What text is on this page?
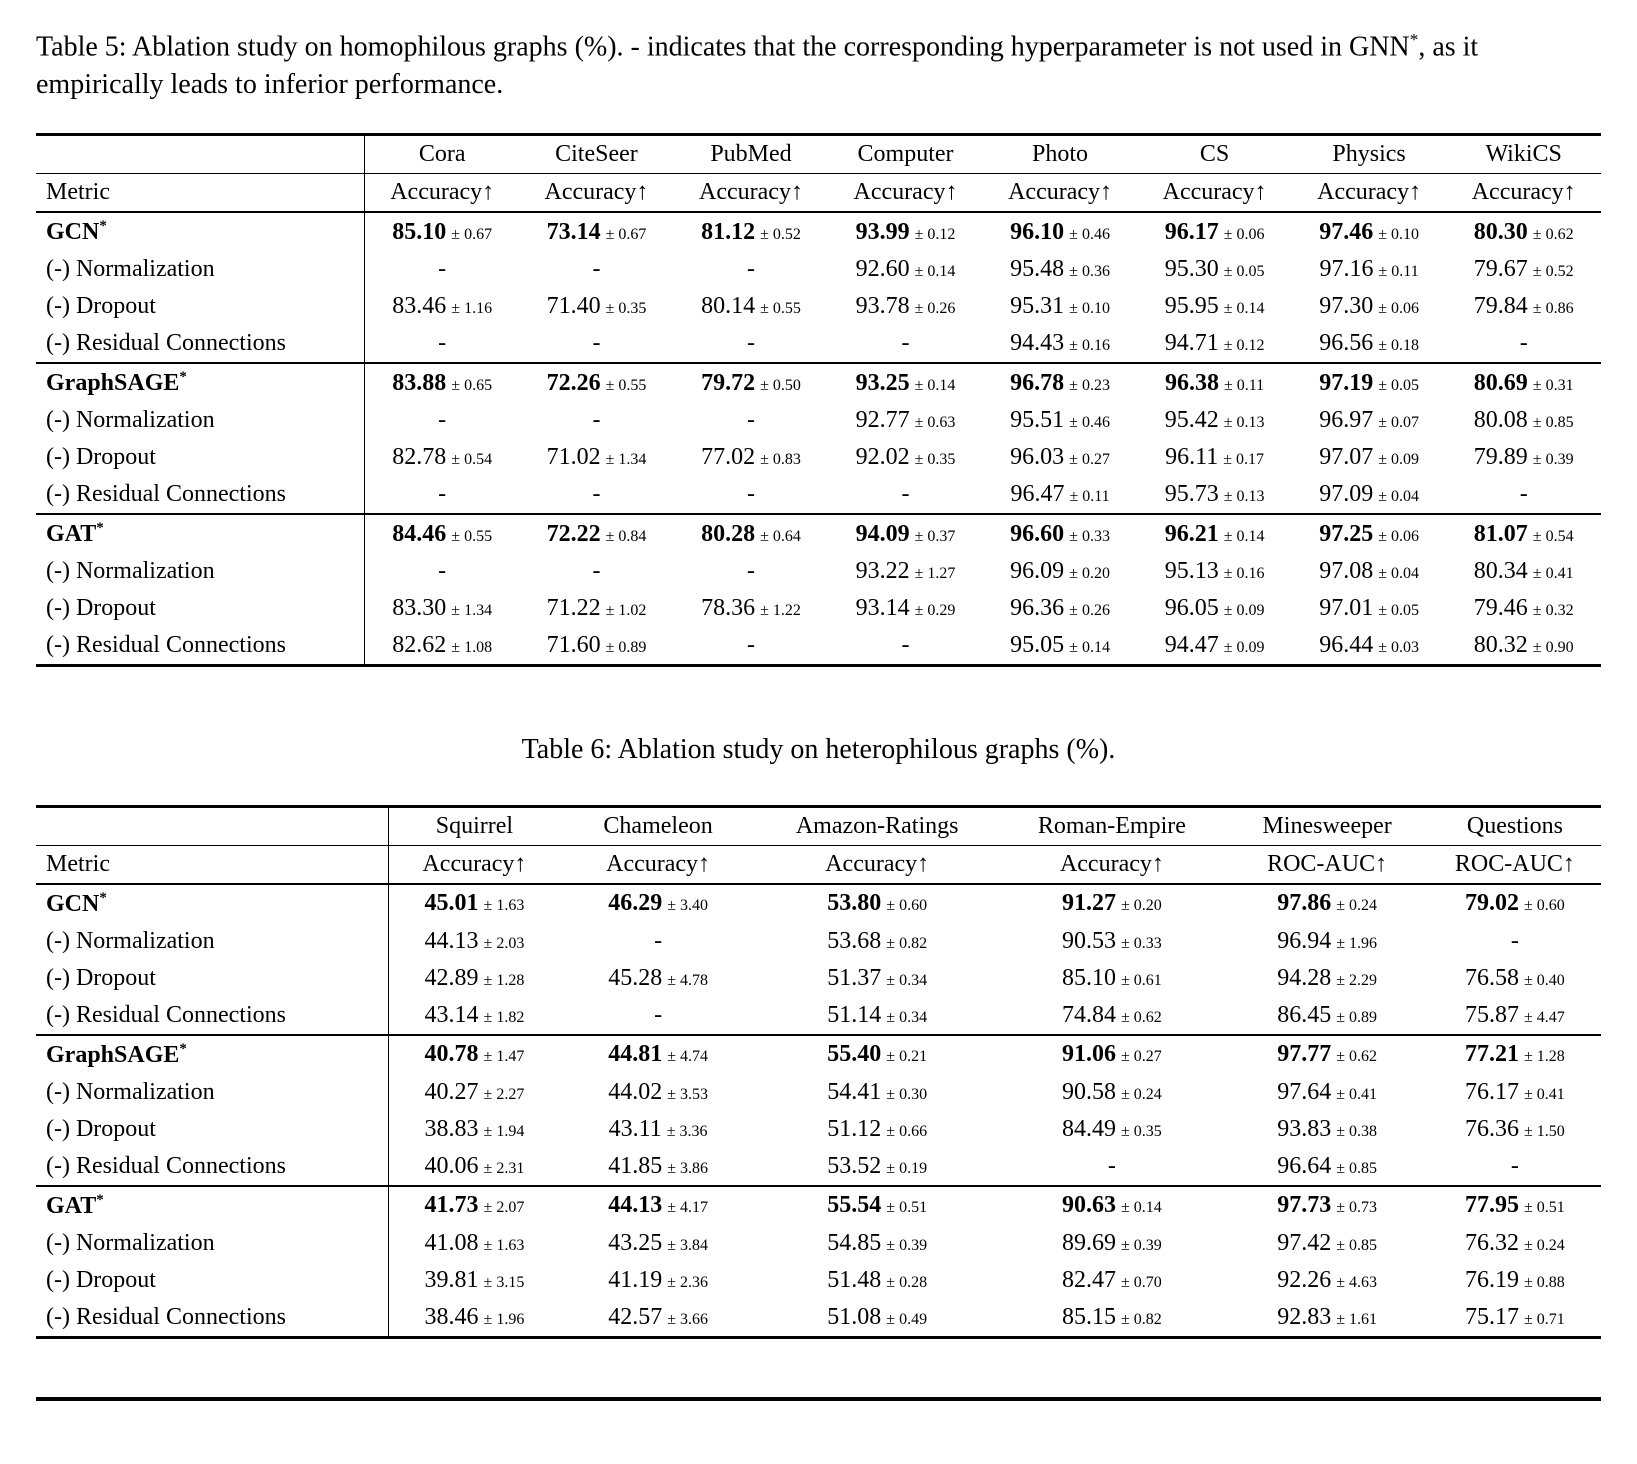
Table 5: Ablation study on homophilous graphs (%). - indicates that the corresponding hyperparameter is not used in GNN*, as it empirically leads to inferior performance.

	Cora	CiteSeer	PubMed	Computer	Photo	CS	Physics	WikiCS
Metric	Accuracy↑	Accuracy↑	Accuracy↑	Accuracy↑	Accuracy↑	Accuracy↑	Accuracy↑	Accuracy↑
GCN*	85.10 ± 0.67	73.14 ± 0.67	81.12 ± 0.52	93.99 ± 0.12	96.10 ± 0.46	96.17 ± 0.06	97.46 ± 0.10	80.30 ± 0.62
(-) Normalization	-	-	-	92.60 ± 0.14	95.48 ± 0.36	95.30 ± 0.05	97.16 ± 0.11	79.67 ± 0.52
(-) Dropout	83.46 ± 1.16	71.40 ± 0.35	80.14 ± 0.55	93.78 ± 0.26	95.31 ± 0.10	95.95 ± 0.14	97.30 ± 0.06	79.84 ± 0.86
(-) Residual Connections	-	-	-	-	94.43 ± 0.16	94.71 ± 0.12	96.56 ± 0.18	-
GraphSAGE*	83.88 ± 0.65	72.26 ± 0.55	79.72 ± 0.50	93.25 ± 0.14	96.78 ± 0.23	96.38 ± 0.11	97.19 ± 0.05	80.69 ± 0.31
(-) Normalization	-	-	-	92.77 ± 0.63	95.51 ± 0.46	95.42 ± 0.13	96.97 ± 0.07	80.08 ± 0.85
(-) Dropout	82.78 ± 0.54	71.02 ± 1.34	77.02 ± 0.83	92.02 ± 0.35	96.03 ± 0.27	96.11 ± 0.17	97.07 ± 0.09	79.89 ± 0.39
(-) Residual Connections	-	-	-	-	96.47 ± 0.11	95.73 ± 0.13	97.09 ± 0.04	-
GAT*	84.46 ± 0.55	72.22 ± 0.84	80.28 ± 0.64	94.09 ± 0.37	96.60 ± 0.33	96.21 ± 0.14	97.25 ± 0.06	81.07 ± 0.54
(-) Normalization	-	-	-	93.22 ± 1.27	96.09 ± 0.20	95.13 ± 0.16	97.08 ± 0.04	80.34 ± 0.41
(-) Dropout	83.30 ± 1.34	71.22 ± 1.02	78.36 ± 1.22	93.14 ± 0.29	96.36 ± 0.26	96.05 ± 0.09	97.01 ± 0.05	79.46 ± 0.32
(-) Residual Connections	82.62 ± 1.08	71.60 ± 0.89	-	-	95.05 ± 0.14	94.47 ± 0.09	96.44 ± 0.03	80.32 ± 0.90

Table 6: Ablation study on heterophilous graphs (%).

	Squirrel	Chameleon	Amazon-Ratings	Roman-Empire	Minesweeper	Questions
Metric	Accuracy↑	Accuracy↑	Accuracy↑	Accuracy↑	ROC-AUC↑	ROC-AUC↑
GCN*	45.01 ± 1.63	46.29 ± 3.40	53.80 ± 0.60	91.27 ± 0.20	97.86 ± 0.24	79.02 ± 0.60
(-) Normalization	44.13 ± 2.03	-	53.68 ± 0.82	90.53 ± 0.33	96.94 ± 1.96	-
(-) Dropout	42.89 ± 1.28	45.28 ± 4.78	51.37 ± 0.34	85.10 ± 0.61	94.28 ± 2.29	76.58 ± 0.40
(-) Residual Connections	43.14 ± 1.82	-	51.14 ± 0.34	74.84 ± 0.62	86.45 ± 0.89	75.87 ± 4.47
GraphSAGE*	40.78 ± 1.47	44.81 ± 4.74	55.40 ± 0.21	91.06 ± 0.27	97.77 ± 0.62	77.21 ± 1.28
(-) Normalization	40.27 ± 2.27	44.02 ± 3.53	54.41 ± 0.30	90.58 ± 0.24	97.64 ± 0.41	76.17 ± 0.41
(-) Dropout	38.83 ± 1.94	43.11 ± 3.36	51.12 ± 0.66	84.49 ± 0.35	93.83 ± 0.38	76.36 ± 1.50
(-) Residual Connections	40.06 ± 2.31	41.85 ± 3.86	53.52 ± 0.19	-	96.64 ± 0.85	-
GAT*	41.73 ± 2.07	44.13 ± 4.17	55.54 ± 0.51	90.63 ± 0.14	97.73 ± 0.73	77.95 ± 0.51
(-) Normalization	41.08 ± 1.63	43.25 ± 3.84	54.85 ± 0.39	89.69 ± 0.39	97.42 ± 0.85	76.32 ± 0.24
(-) Dropout	39.81 ± 3.15	41.19 ± 2.36	51.48 ± 0.28	82.47 ± 0.70	92.26 ± 4.63	76.19 ± 0.88
(-) Residual Connections	38.46 ± 1.96	42.57 ± 3.66	51.08 ± 0.49	85.15 ± 0.82	92.83 ± 1.61	75.17 ± 0.71
